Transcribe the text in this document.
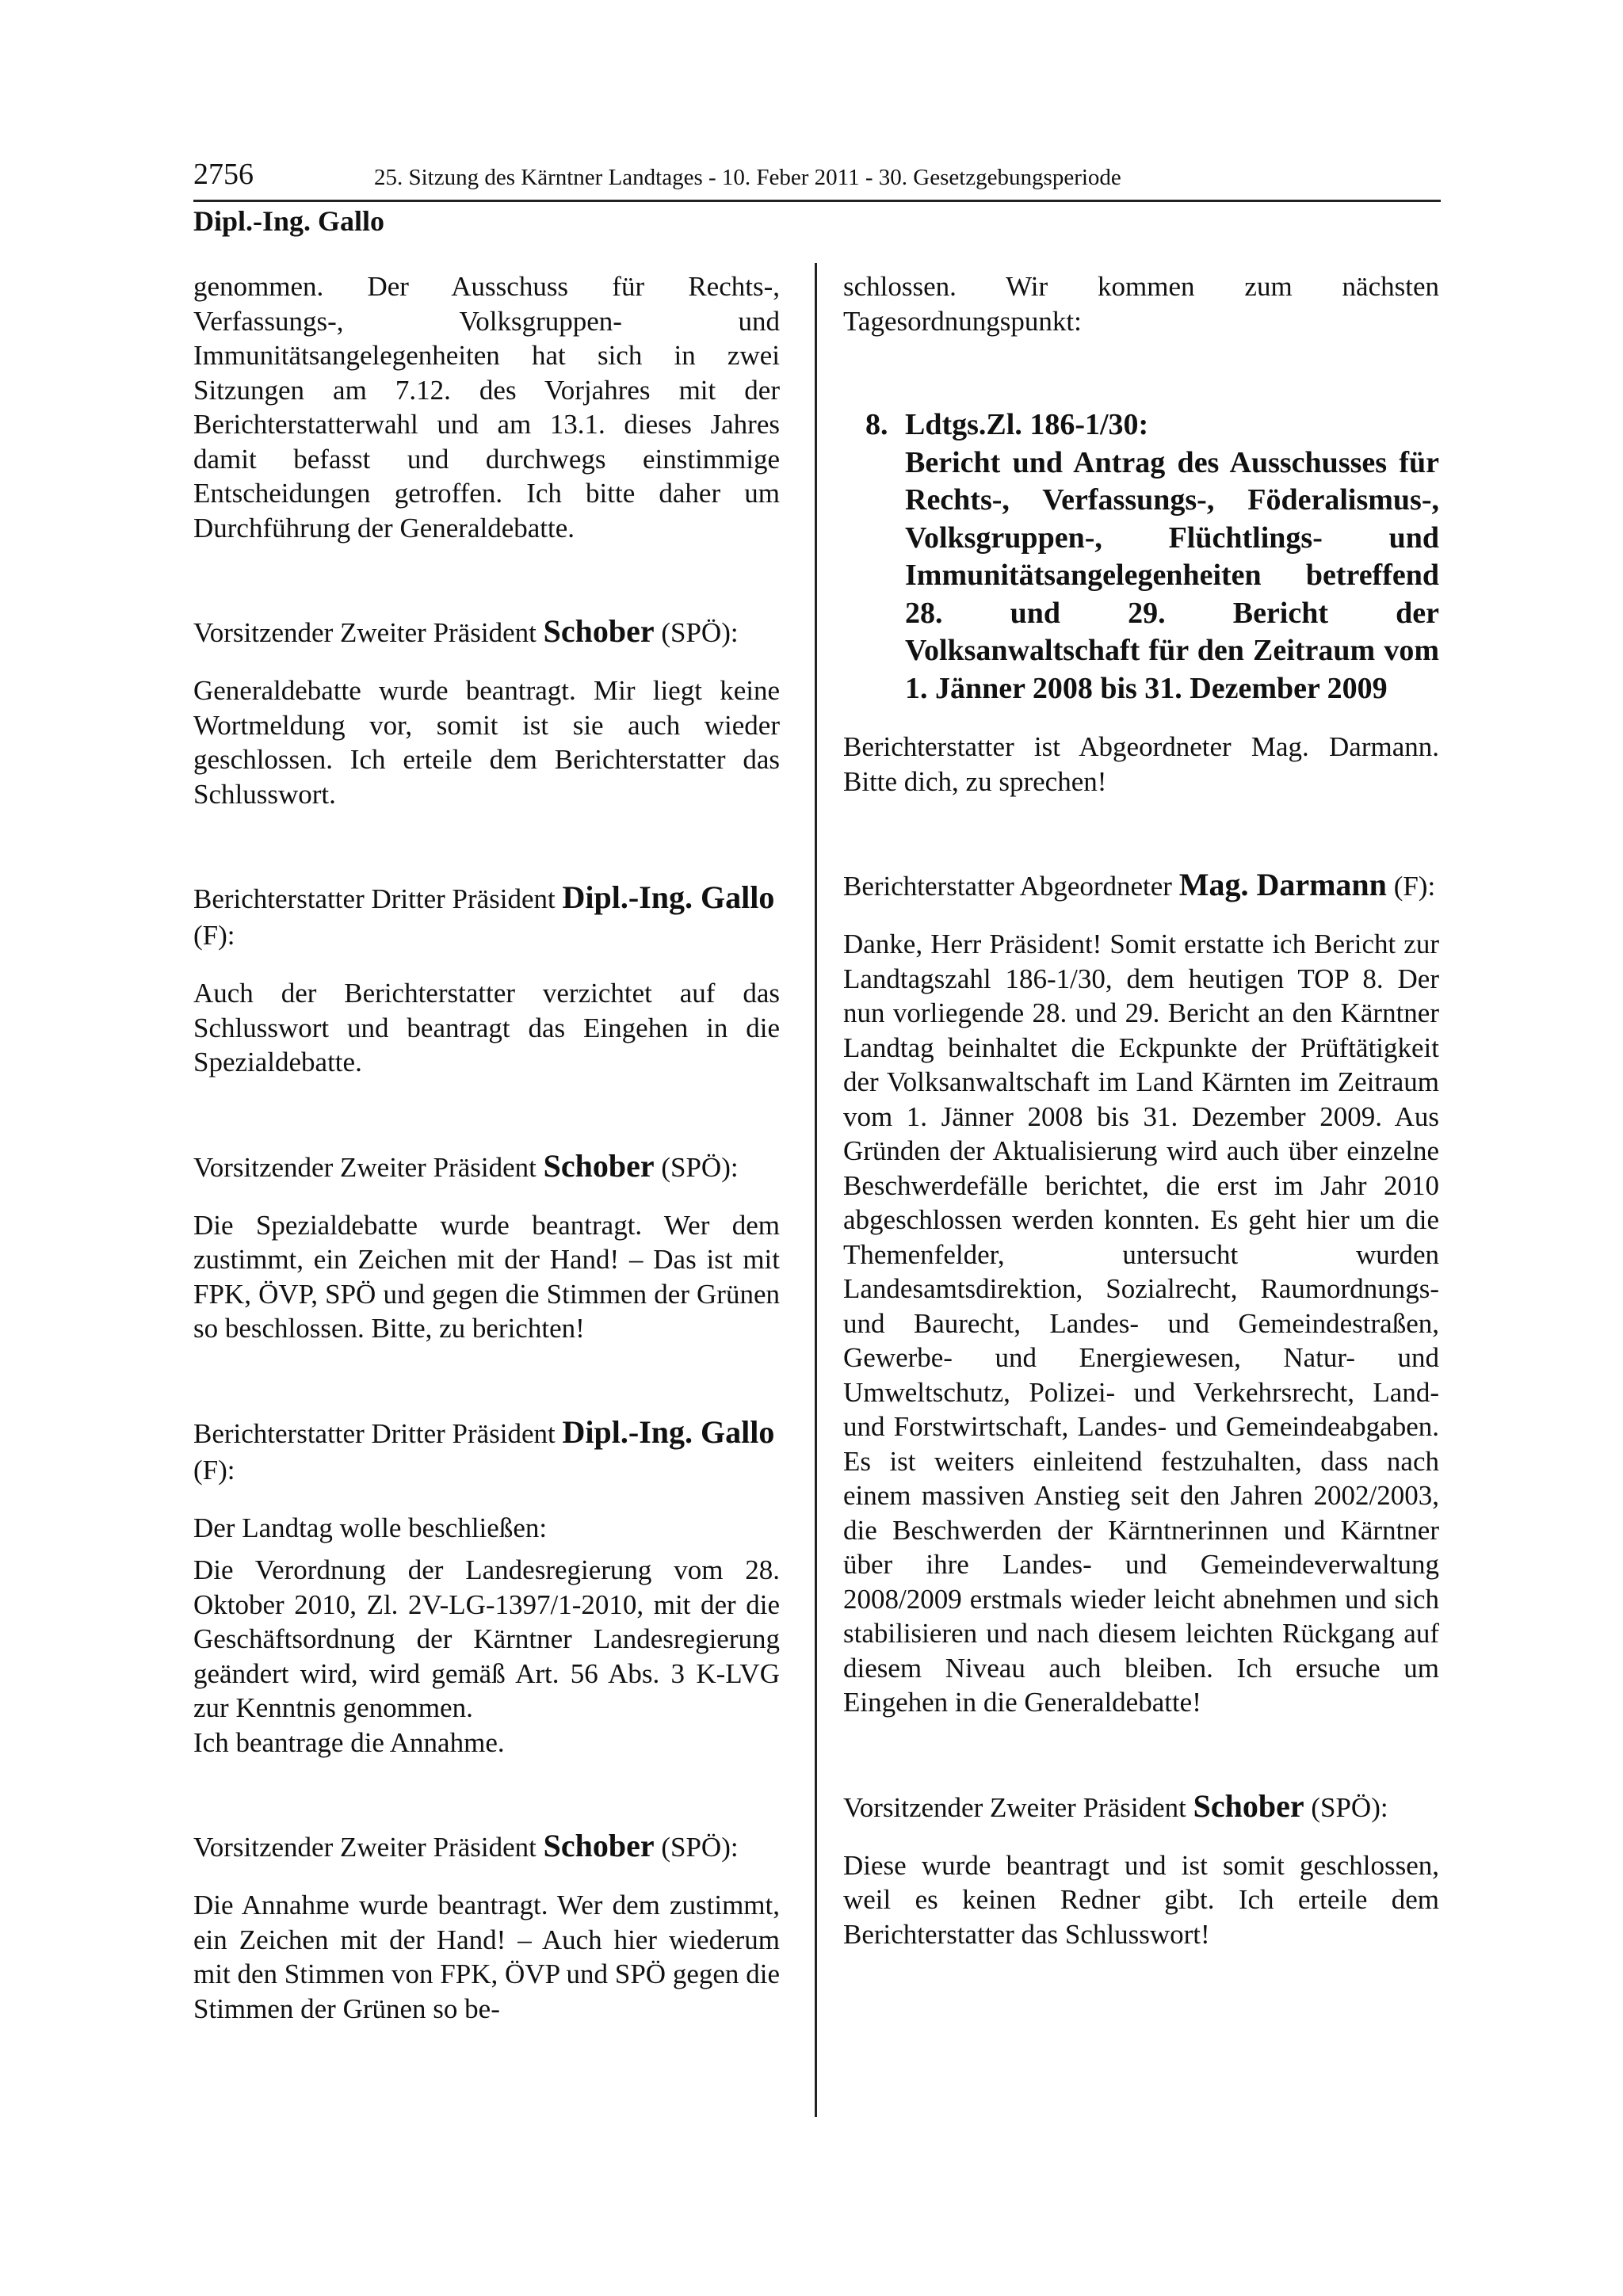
2756	25. Sitzung des Kärntner Landtages - 10. Feber 2011 - 30. Gesetzgebungsperiode
Dipl.-Ing. Gallo

genommen. Der Ausschuss für Rechts-, Verfassungs-, Volksgruppen- und Immunitätsangelegenheiten hat sich in zwei Sitzungen am 7.12. des Vorjahres mit der Berichterstatterwahl und am 13.1. dieses Jahres damit befasst und durchwegs einstimmige Entscheidungen getroffen. Ich bitte daher um Durchführung der Generaldebatte.

Vorsitzender Zweiter Präsident Schober (SPÖ):

Generaldebatte wurde beantragt. Mir liegt keine Wortmeldung vor, somit ist sie auch wieder geschlossen. Ich erteile dem Berichterstatter das Schlusswort.

Berichterstatter Dritter Präsident Dipl.-Ing. Gallo (F):

Auch der Berichterstatter verzichtet auf das Schlusswort und beantragt das Eingehen in die Spezialdebatte.

Vorsitzender Zweiter Präsident Schober (SPÖ):

Die Spezialdebatte wurde beantragt. Wer dem zustimmt, ein Zeichen mit der Hand! – Das ist mit FPK, ÖVP, SPÖ und gegen die Stimmen der Grünen so beschlossen. Bitte, zu berichten!

Berichterstatter Dritter Präsident Dipl.-Ing. Gallo (F):

Der Landtag wolle beschließen:

Die Verordnung der Landesregierung vom 28. Oktober 2010, Zl. 2V-LG-1397/1-2010, mit der die Geschäftsordnung der Kärntner Landesregierung geändert wird, wird gemäß Art. 56 Abs. 3 K-LVG zur Kenntnis genommen.

Ich beantrage die Annahme.

Vorsitzender Zweiter Präsident Schober (SPÖ):

Die Annahme wurde beantragt. Wer dem zustimmt, ein Zeichen mit der Hand! – Auch hier wiederum mit den Stimmen von FPK, ÖVP und SPÖ gegen die Stimmen der Grünen so be-

schlossen. Wir kommen zum nächsten Tagesordnungspunkt:

8. Ldtgs.Zl. 186-1/30:
Bericht und Antrag des Ausschusses für Rechts-, Verfassungs-, Föderalismus-, Volksgruppen-, Flüchtlings- und Immunitätsangelegenheiten betreffend 28. und 29. Bericht der Volksanwaltschaft für den Zeitraum vom 1. Jänner 2008 bis 31. Dezember 2009

Berichterstatter ist Abgeordneter Mag. Darmann. Bitte dich, zu sprechen!

Berichterstatter Abgeordneter Mag. Darmann (F):

Danke, Herr Präsident! Somit erstatte ich Bericht zur Landtagszahl 186-1/30, dem heutigen TOP 8. Der nun vorliegende 28. und 29. Bericht an den Kärntner Landtag beinhaltet die Eckpunkte der Prüftätigkeit der Volksanwaltschaft im Land Kärnten im Zeitraum vom 1. Jänner 2008 bis 31. Dezember 2009. Aus Gründen der Aktualisierung wird auch über einzelne Beschwerdefälle berichtet, die erst im Jahr 2010 abgeschlossen werden konnten. Es geht hier um die Themenfelder, untersucht wurden Landesamtsdirektion, Sozialrecht, Raumordnungs- und Baurecht, Landes- und Gemeindestraßen, Gewerbe- und Energiewesen, Natur- und Umweltschutz, Polizei- und Verkehrsrecht, Land- und Forstwirtschaft, Landes- und Gemeindeabgaben. Es ist weiters einleitend festzuhalten, dass nach einem massiven Anstieg seit den Jahren 2002/2003, die Beschwerden der Kärntnerinnen und Kärntner über ihre Landes- und Gemeindeverwaltung 2008/2009 erstmals wieder leicht abnehmen und sich stabilisieren und nach diesem leichten Rückgang auf diesem Niveau auch bleiben. Ich ersuche um Eingehen in die Generaldebatte!

Vorsitzender Zweiter Präsident Schober (SPÖ):

Diese wurde beantragt und ist somit geschlossen, weil es keinen Redner gibt. Ich erteile dem Berichterstatter das Schlusswort!
